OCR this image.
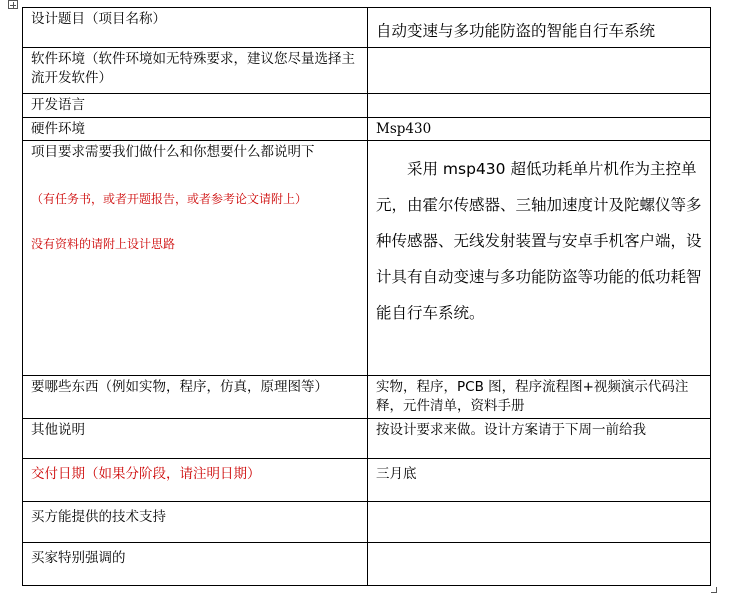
设计题目（项目名称）	自动变速与多功能防盗的智能自行车系统
软件环境（软件环境如无特殊要求，建议您尽量选择主流开发软件）	
开发语言	
硬件环境	Msp430

项目要求需要我们做什么和你想要什么都说明下
（有任务书，或者开题报告，或者参考论文请附上）
没有资料的请附上设计思路	采用 msp430 超低功耗单片机作为主控单元，由霍尔传感器、三轴加速度计及陀螺仪等多种传感器、无线发射装置与安卓手机客户端，设计具有自动变速与多功能防盗等功能的低功耗智能自行车系统。

要哪些东西（例如实物，程序，仿真，原理图等）	实物，程序，PCB 图，程序流程图+视频演示代码注释，元件清单，资料手册
其他说明	按设计要求来做。设计方案请于下周一前给我
交付日期（如果分阶段，请注明日期）	三月底
买方能提供的技术支持	
买家特别强调的	
